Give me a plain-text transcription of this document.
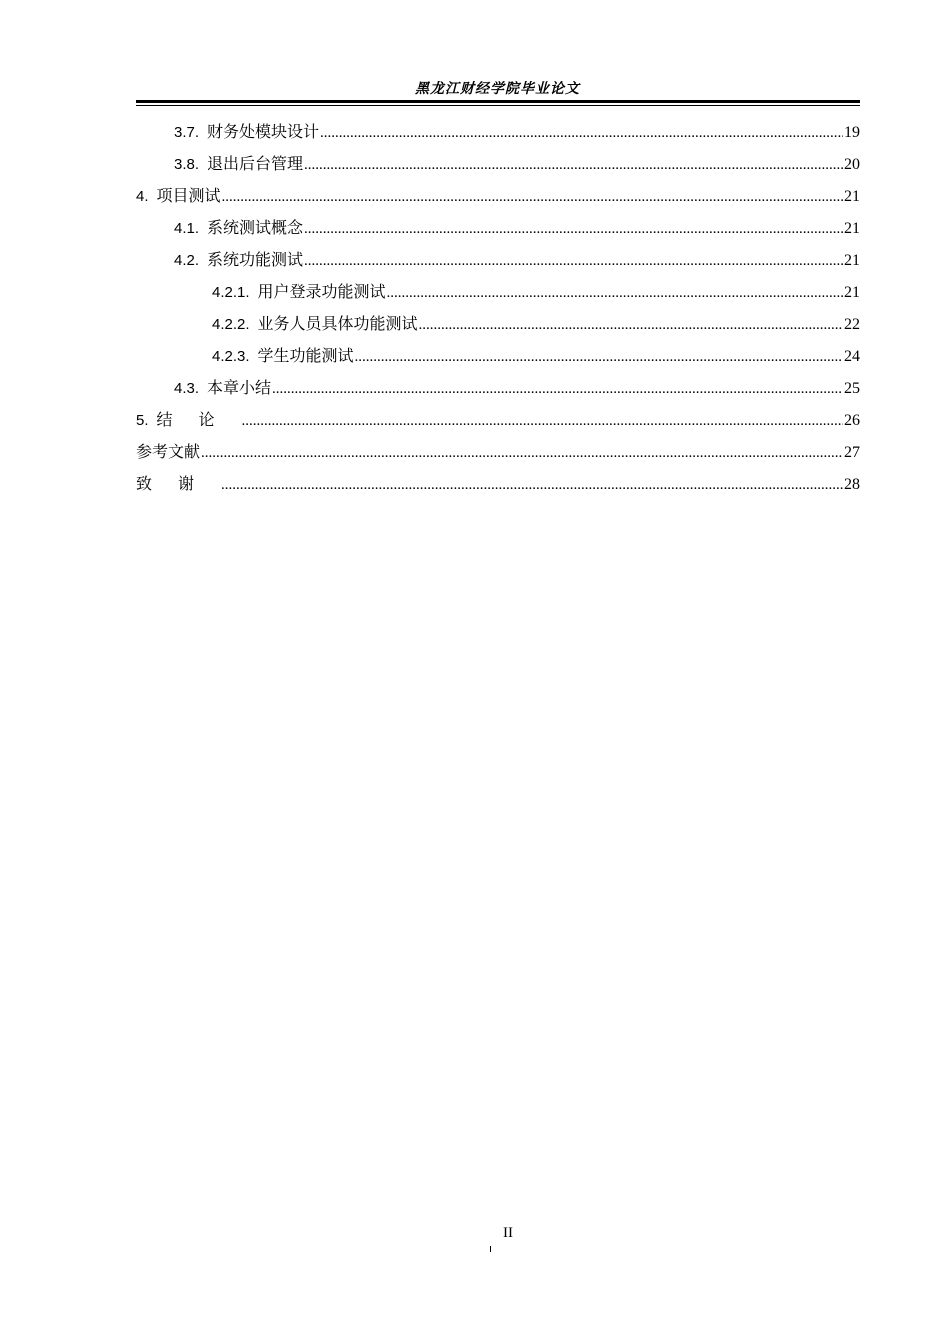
黑龙江财经学院毕业论文
3.7. 财务处模块设计 .....	19
3.8. 退出后台管理 .....	20
4. 项目测试 .....	21
4.1. 系统测试概念 .....	21
4.2. 系统功能测试 .....	21
4.2.1. 用户登录功能测试 .....	21
4.2.2. 业务人员具体功能测试 .....	22
4.2.3. 学生功能测试 .....	24
4.3. 本章小结 .....	25
5. 结论 .....	26
参考文献 .....	27
致谢 .....	28
II
